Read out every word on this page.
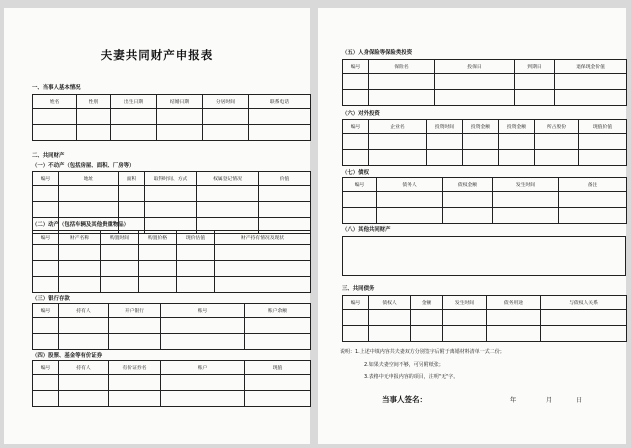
夫妻共同财产申报表
一、当事人基本情况
姓名	性别	出生日期	结婚日期	分居时间	联系电话

二、共同财产
（一）不动产（包括房屋、面积、厂房等）
编号	地址	面积	取得时间、方式	权属登记情况	价值

（二）动产（包括车辆及其他贵重物品）
编号	财产名称	购置时间	购置价格	现价估值	财产持有情况及现状

（三）银行存款
编号	持有人	开户银行	账号	账户余额

（四）股票、基金等有价证券
编号	持有人	有价证券名	账户	现值

（五）人身保险等保险类投资
编号	保险名	投保日	到期日	退保现金价值

（六）对外投资
编号	企业名	投资时间	投资金额	投资金额	所占股份	现值价值

（七）债权
编号	债务人	债权金额	发生时间	备注

（八）其他共同财产
三、共同债务
编号	债权人	金额	发生时间	债务用途	与债权人关系

说明：1.上述中填内容共夫妻双方分别签字后附于离婚材料清单一式二份；
2.如果夫妻空间不够，可另附纸张；
3.表格中无申报内容的项目，注明"无"字。
当事人签名：	年	月	日
